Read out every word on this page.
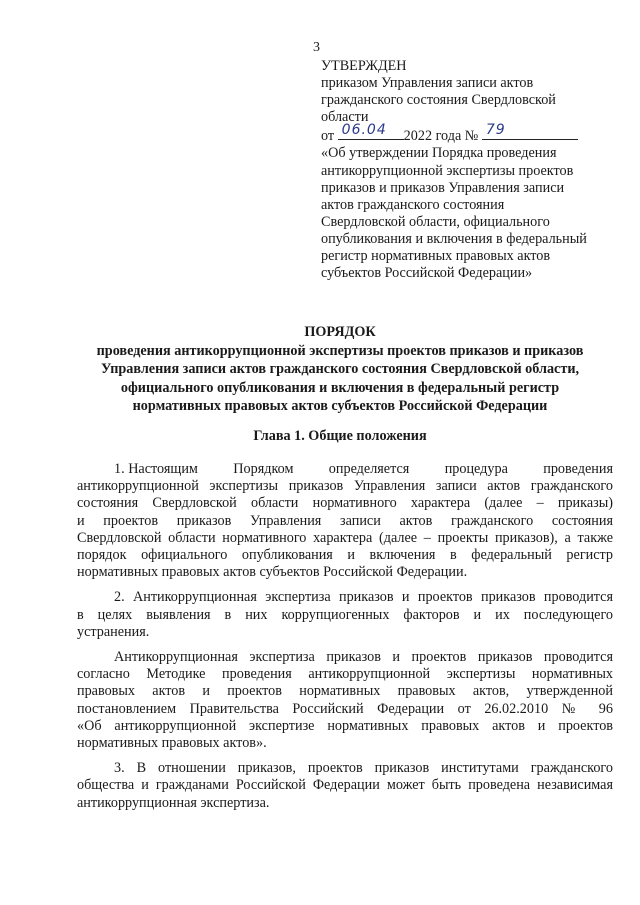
3
УТВЕРЖДЕН
приказом Управления записи актов
гражданского состояния Свердловской
области
от 06.04 2022 года № 79
«Об утверждении Порядка проведения
антикоррупционной экспертизы проектов
приказов и приказов Управления записи
актов гражданского состояния
Свердловской области, официального
опубликования и включения в федеральный
регистр нормативных правовых актов
субъектов Российской Федерации»
ПОРЯДОК
проведения антикоррупционной экспертизы проектов приказов и приказов
Управления записи актов гражданского состояния Свердловской области,
официального опубликования и включения в федеральный регистр
нормативных правовых актов субъектов Российской Федерации
Глава 1. Общие положения
1. Настоящим Порядком определяется процедура проведения
антикоррупционной экспертизы приказов Управления записи актов гражданского
состояния Свердловской области нормативного характера (далее – приказы)
и проектов приказов Управления записи актов гражданского состояния
Свердловской области нормативного характера (далее – проекты приказов), а также
порядок официального опубликования и включения в федеральный регистр
нормативных правовых актов субъектов Российской Федерации.
2. Антикоррупционная экспертиза приказов и проектов приказов проводится
в целях выявления в них коррупциогенных факторов и их последующего
устранения.
Антикоррупционная экспертиза приказов и проектов приказов проводится
согласно Методике проведения антикоррупционной экспертизы нормативных
правовых актов и проектов нормативных правовых актов, утвержденной
постановлением Правительства Российский Федерации от 26.02.2010 № 96
«Об антикоррупционной экспертизе нормативных правовых актов и проектов
нормативных правовых актов».
3. В отношении приказов, проектов приказов институтами гражданского
общества и гражданами Российской Федерации может быть проведена независимая
антикоррупционная экспертиза.
